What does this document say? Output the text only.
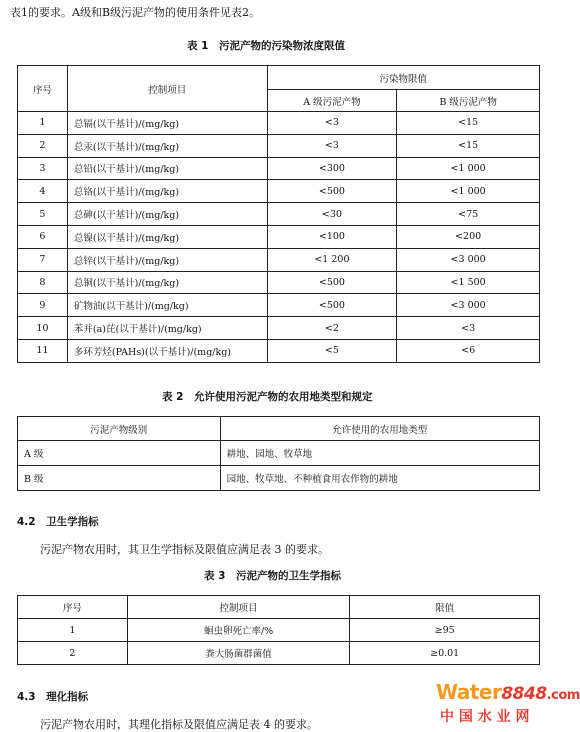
表1的要求。A级和B级污泥产物的使用条件见表2。
表 1　污泥产物的污染物浓度限值
序号	控制项目	污染物限值	
		A 级污泥产物	B 级污泥产物
1	总镉(以干基计)/(mg/kg)	<3	<15
2	总汞(以干基计)/(mg/kg)	<3	<15
3	总铅(以干基计)/(mg/kg)	<300	<1 000
4	总铬(以干基计)/(mg/kg)	<500	<1 000
5	总砷(以干基计)/(mg/kg)	<30	<75
6	总镍(以干基计)/(mg/kg)	<100	<200
7	总锌(以干基计)/(mg/kg)	<1 200	<3 000
8	总铜(以干基计)/(mg/kg)	<500	<1 500
9	矿物油(以干基计)/(mg/kg)	<500	<3 000
10	苯并(a)芘(以干基计)/(mg/kg)	<2	<3
11	多环芳烃(PAHs)(以干基计)/(mg/kg)	<5	<6
表 2　允许使用污泥产物的农用地类型和规定
污泥产物级别	允许使用的农用地类型
A 级	耕地、园地、牧草地
B 级	园地、牧草地、不种植食用农作物的耕地
4.2　卫生学指标
污泥产物农用时，其卫生学指标及限值应满足表 3 的要求。
表 3　污泥产物的卫生学指标
序号	控制项目	限值
1	蛔虫卵死亡率/%	≥95
2	粪大肠菌群菌值	≥0.01
4.3　理化指标
污泥产物农用时，其理化指标及限值应满足表 4 的要求。
Water8848.com
中 国 水 业 网
